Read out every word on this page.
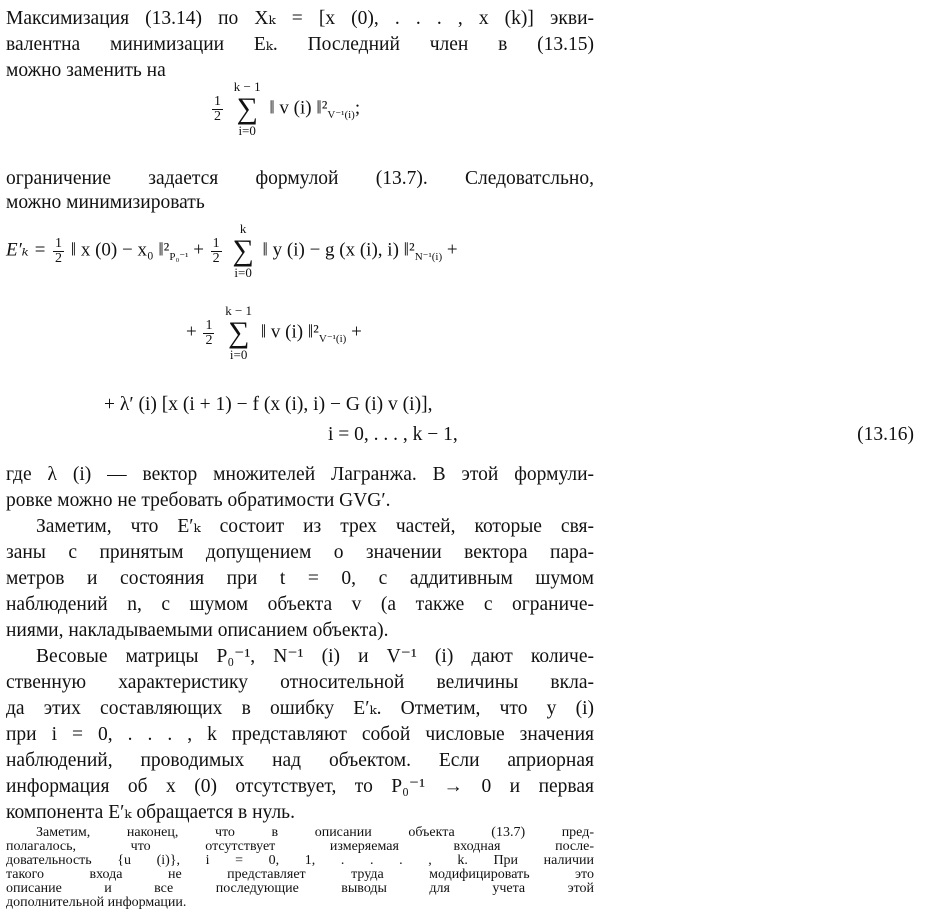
Максимизация (13.14) по Xₖ = [x (0), . . . , x (k)] экви-
валентна минимизации Eₖ. Последний член в (13.15)
можно заменить на
$\frac{1}{2}$

k − 1
∑
i=0
‖ v (i) $‖^2_{V^{-1}(i)}$;
ограничение задается формулой (13.7). Следоватсльно,
можно минимизировать
$E'_k = \frac{1}{2}$ ‖ x (0) − x₀ $‖^2_{P_0^{-1}} + \frac{1}{2}$

k
∑
i=0
‖ y (i) − g (x (i), i) $‖^2_{N^{-1}(i)}$ +
+ $\frac{1}{2}$

k − 1
∑
i=0
‖ v (i) $‖^2_{V^{-1}(i)}$ +
+ λ′ (i) [x (i + 1) − f (x (i), i) − G (i) v (i)],
i = 0, . . . , k − 1,	(13.16)
где λ (i) — вектор множителей Лагранжа. В этой формули-
ровке можно не требовать обратимости GVG′.
Заметим, что E′ₖ состоит из трех частей, которые свя-
заны с принятым допущением о значении вектора пара-
метров и состояния при t = 0, с аддитивным шумом
наблюдений n, с шумом объекта v (а также с ограниче-
ниями, накладываемыми описанием объекта).
Весовые матрицы P₀⁻¹, N⁻¹ (i) и V⁻¹ (i) дают количе-
ственную характеристику относительной величины вкла-
да этих составляющих в ошибку E′ₖ. Отметим, что y (i)
при i = 0, . . . , k представляют собой числовые значения
наблюдений, проводимых над объектом. Если априорная
информация об x (0) отсутствует, то P₀⁻¹ → 0 и первая
компонента E′ₖ обращается в нуль.
Заметим, наконец, что в описании объекта (13.7) пред-
полагалось, что отсутствует измеряемая входная после-
довательность {u (i)}, i = 0, 1, . . . , k. При наличии
такого входа не представляет труда модифицировать это
описание и все последующие выводы для учета этой
дополнительной информации.
